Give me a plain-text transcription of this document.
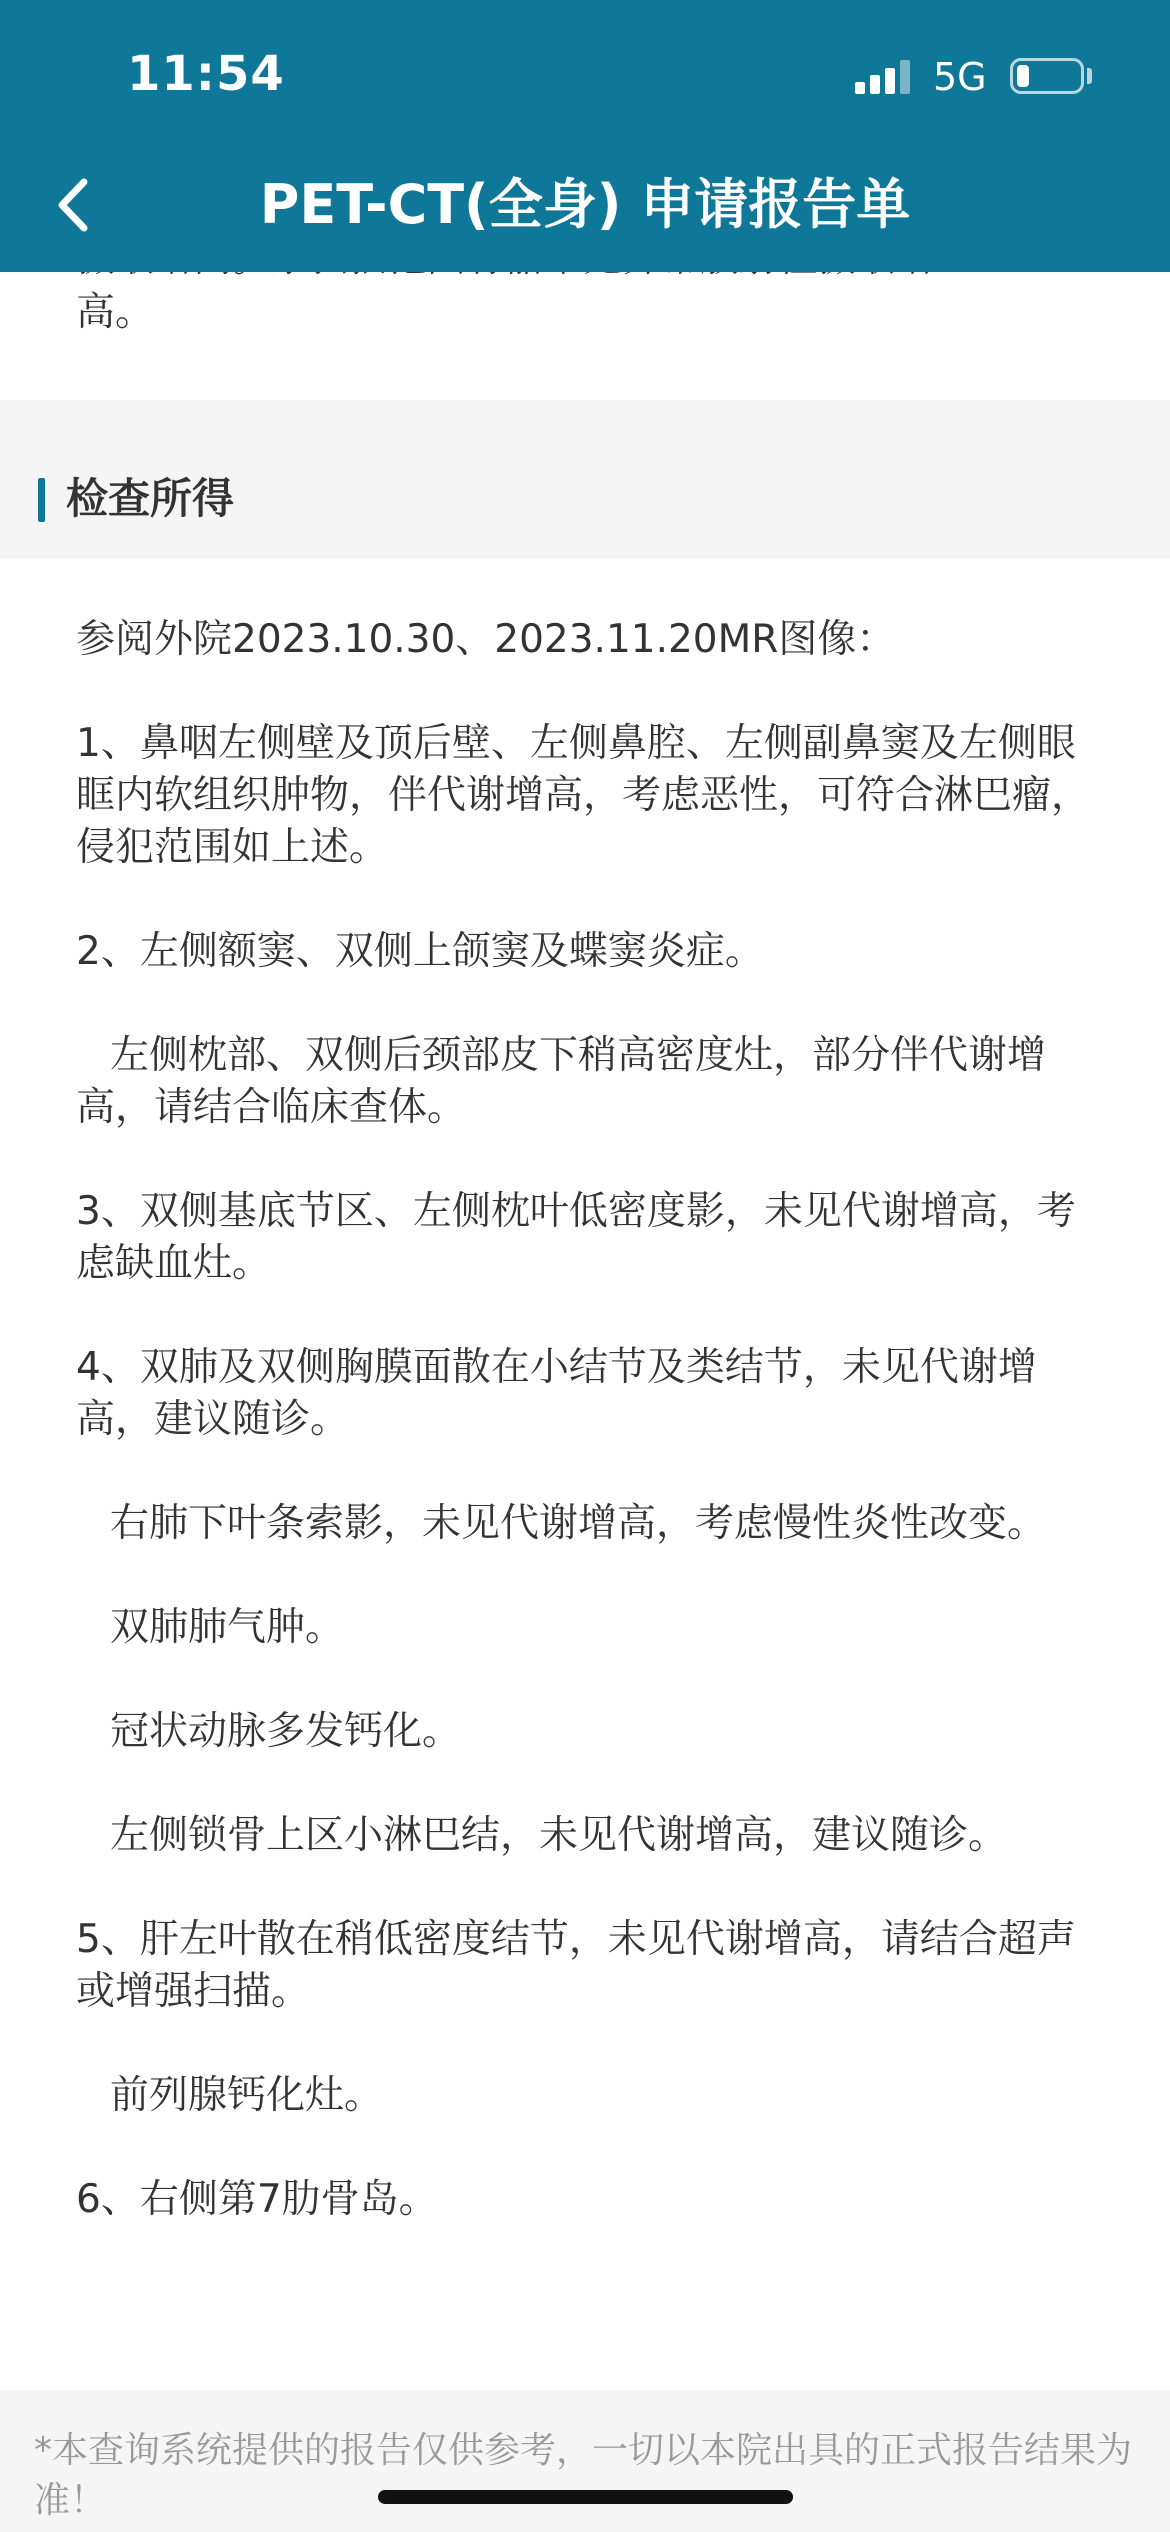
11:54	5G
PET-CT(全身) 申请报告单
高。
检查所得

参阅外院2023.10.30、2023.11.20MR图像：

1、鼻咽左侧壁及顶后壁、左侧鼻腔、左侧副鼻窦及左侧眼眶内软组织肿物，伴代谢增高，考虑恶性，可符合淋巴瘤，侵犯范围如上述。

2、左侧额窦、双侧上颌窦及蝶窦炎症。

左侧枕部、双侧后颈部皮下稍高密度灶，部分伴代谢增高，请结合临床查体。

3、双侧基底节区、左侧枕叶低密度影，未见代谢增高，考虑缺血灶。

4、双肺及双侧胸膜面散在小结节及类结节，未见代谢增高，建议随诊。

右肺下叶条索影，未见代谢增高，考虑慢性炎性改变。

双肺肺气肿。

冠状动脉多发钙化。

左侧锁骨上区小淋巴结，未见代谢增高，建议随诊。

5、肝左叶散在稍低密度结节，未见代谢增高，请结合超声或增强扫描。

前列腺钙化灶。

6、右侧第7肋骨岛。

*本查询系统提供的报告仅供参考，一切以本院出具的正式报告结果为准！
